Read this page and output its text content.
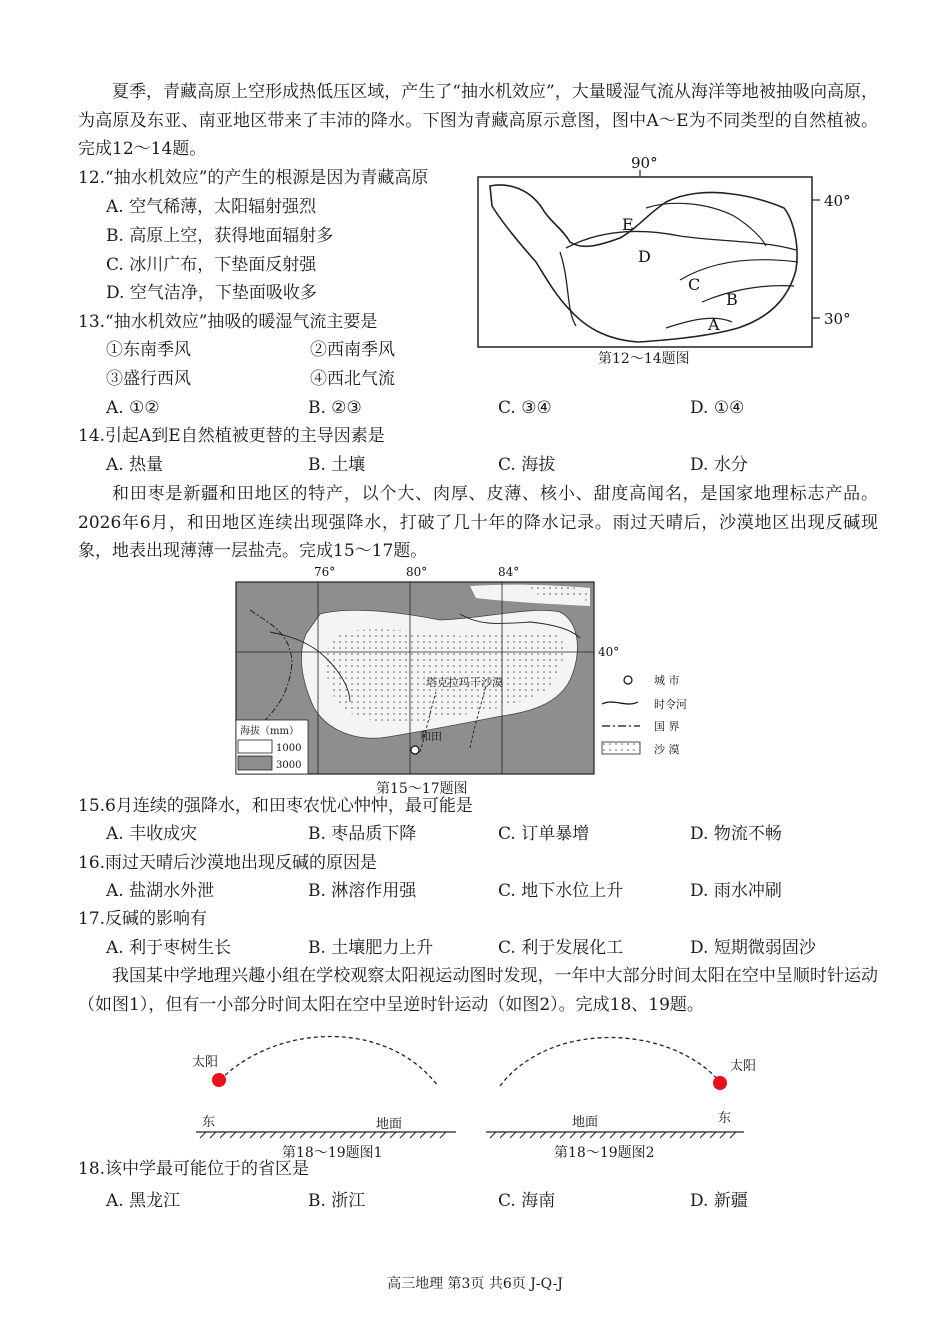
夏季，青藏高原上空形成热低压区域，产生了“抽水机效应”，大量暖湿气流从海洋等地被抽吸向高原，为高原及东亚、南亚地区带来了丰沛的降水。下图为青藏高原示意图，图中A～E为不同类型的自然植被。完成12～14题。
12.“抽水机效应”的产生的根源是因为青藏高原
A. 空气稀薄，太阳辐射强烈
B. 高原上空，获得地面辐射多
C. 冰川广布，下垫面反射强
D. 空气洁净，下垫面吸收多
13.“抽水机效应”抽吸的暖湿气流主要是
①东南季风	②西南季风
③盛行西风	④西北气流
A. ①②	B. ②③	C. ③④	D. ①④
90°
40°
30°
E
D
C
B
A
第12～14题图
14.引起A到E自然植被更替的主导因素是
A. 热量	B. 土壤	C. 海拔	D. 水分
和田枣是新疆和田地区的特产，以个大、肉厚、皮薄、核小、甜度高闻名，是国家地理标志产品。2026年6月，和田地区连续出现强降水，打破了几十年的降水记录。雨过天晴后，沙漠地区出现反碱现象，地表出现薄薄一层盐壳。完成15～17题。
76°	80°	84°
40°
塔克拉玛干沙漠
和田
海拔（mm）
1000
3000
城 市
时令河
国 界
沙 漠
第15～17题图
15.6月连续的强降水，和田枣农忧心忡忡，最可能是
A. 丰收成灾	B. 枣品质下降	C. 订单暴增	D. 物流不畅
16.雨过天晴后沙漠地出现反碱的原因是
A. 盐湖水外泄	B. 淋溶作用强	C. 地下水位上升	D. 雨水冲刷
17.反碱的影响有
A. 利于枣树生长	B. 土壤肥力上升	C. 利于发展化工	D. 短期微弱固沙
我国某中学地理兴趣小组在学校观察太阳视运动图时发现，一年中大部分时间太阳在空中呈顺时针运动（如图1），但有一小部分时间太阳在空中呈逆时针运动（如图2）。完成18、19题。
太阳
东	地面
第18～19题图1
太阳
地面	东
第18～19题图2
18.该中学最可能位于的省区是
A. 黑龙江	B. 浙江	C. 海南	D. 新疆
高三地理 第3页 共6页 J-Q-J
